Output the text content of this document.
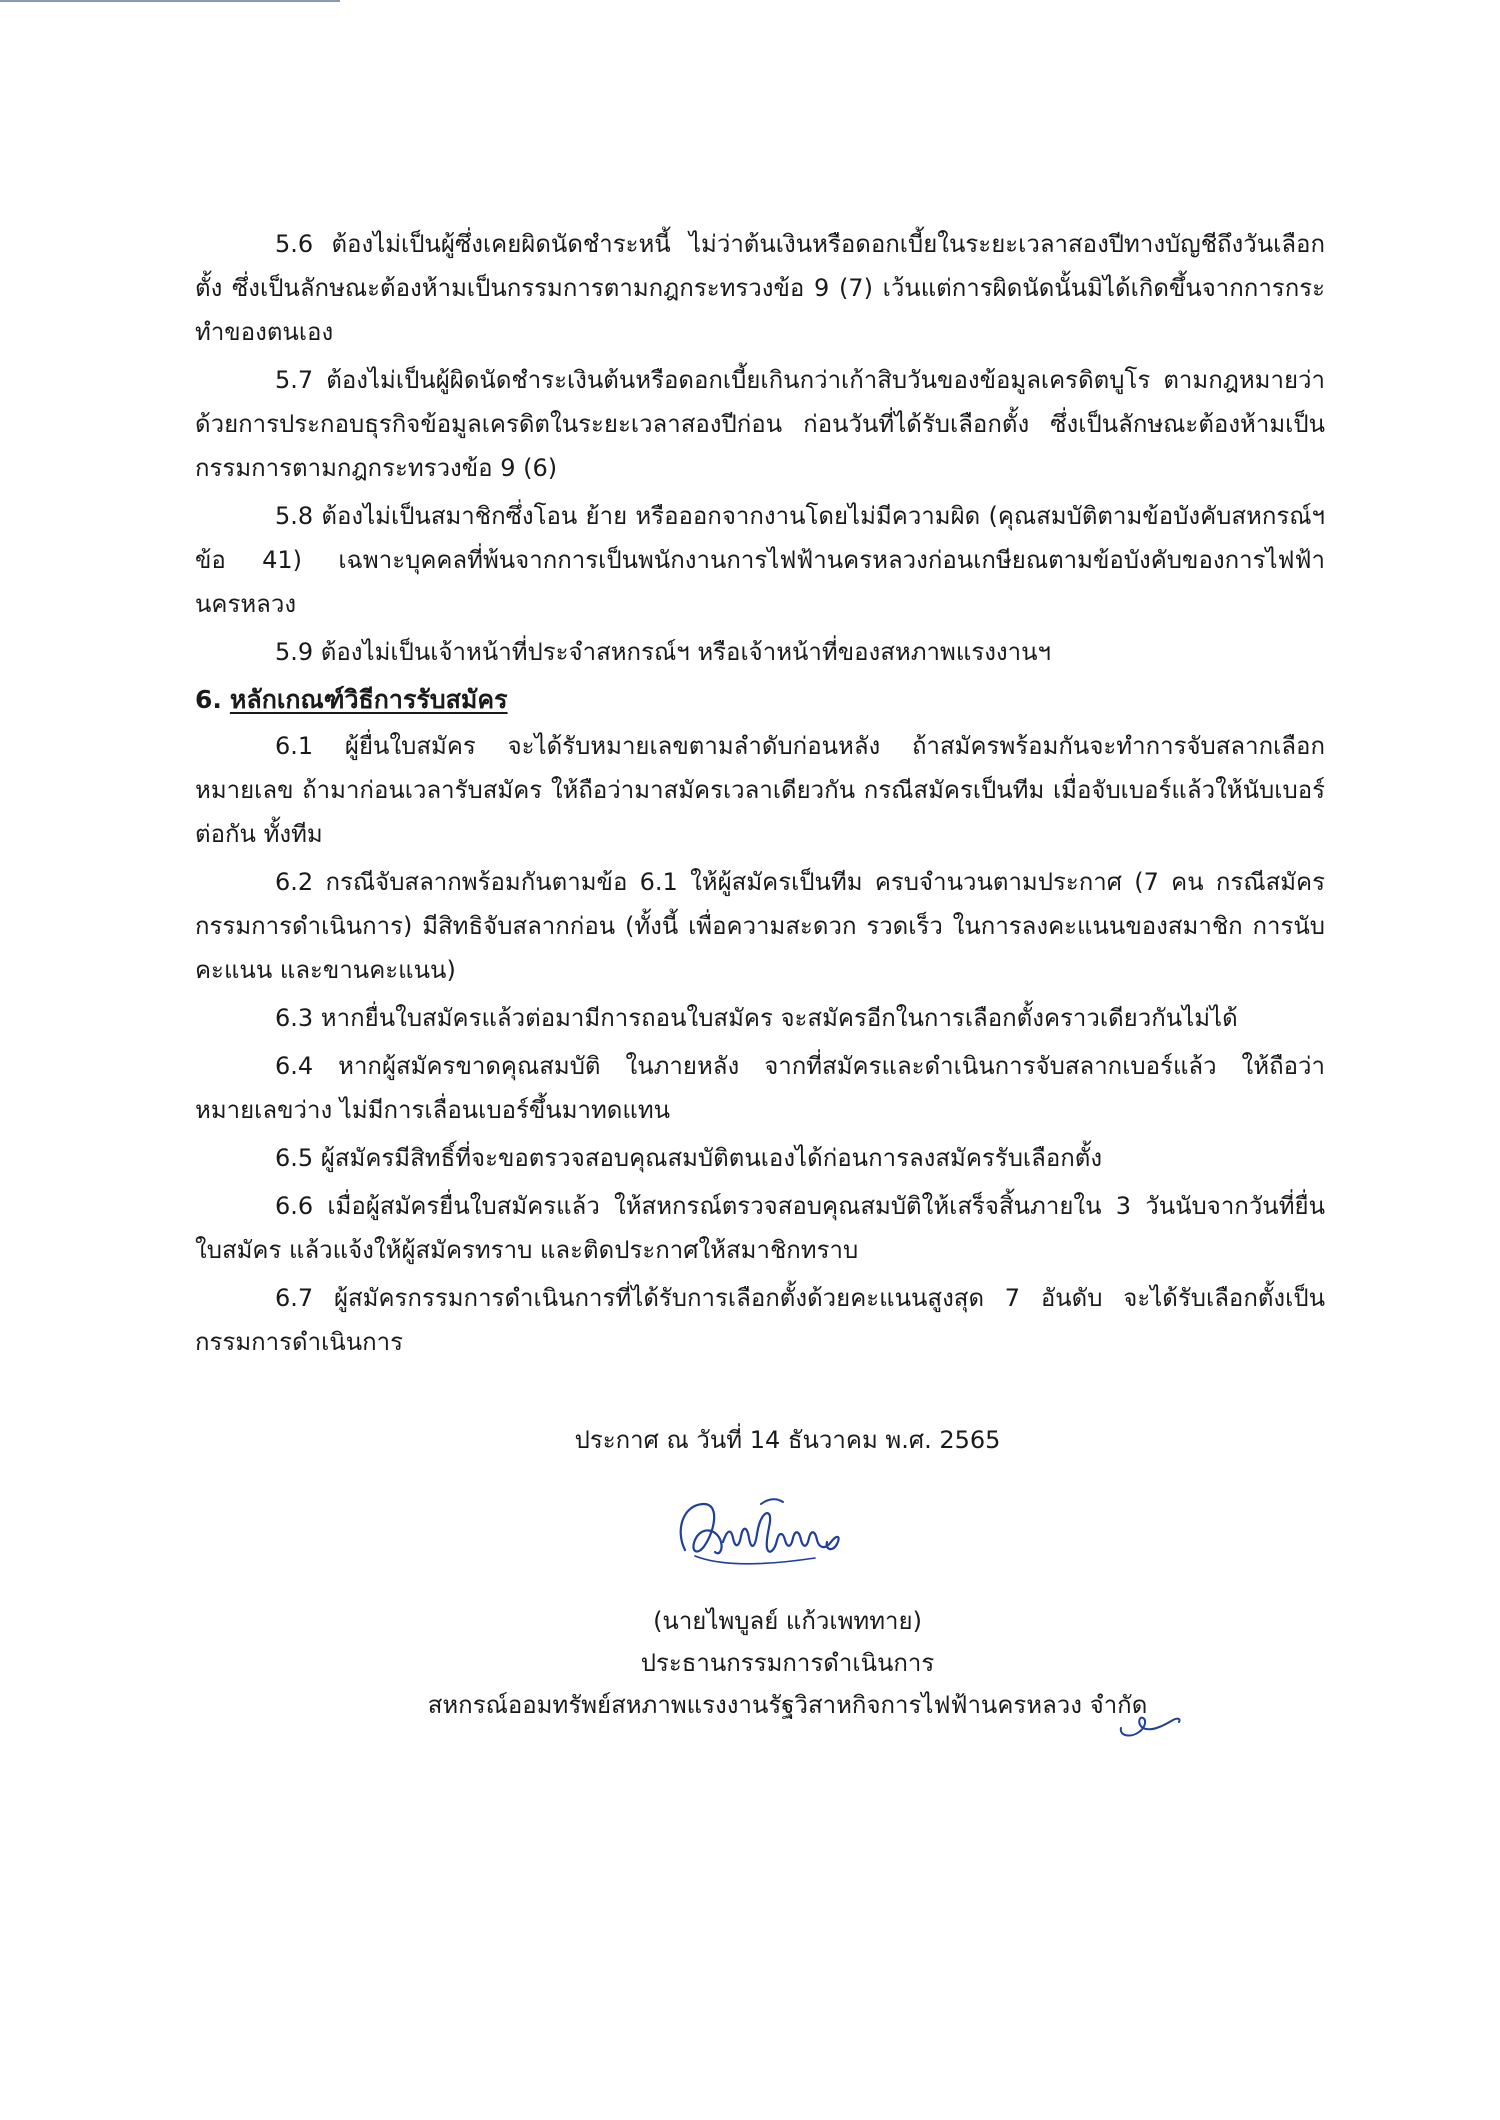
5.6 ต้องไม่เป็นผู้ซึ่งเคยผิดนัดชำระหนี้ ไม่ว่าต้นเงินหรือดอกเบี้ยในระยะเวลาสองปีทางบัญชีถึงวันเลือกตั้ง ซึ่งเป็นลักษณะต้องห้ามเป็นกรรมการตามกฎกระทรวงข้อ 9 (7) เว้นแต่การผิดนัดนั้นมิได้เกิดขึ้นจากการกระทำของตนเอง

5.7 ต้องไม่เป็นผู้ผิดนัดชำระเงินต้นหรือดอกเบี้ยเกินกว่าเก้าสิบวันของข้อมูลเครดิตบูโร ตามกฎหมายว่าด้วยการประกอบธุรกิจข้อมูลเครดิตในระยะเวลาสองปีก่อน ก่อนวันที่ได้รับเลือกตั้ง ซึ่งเป็นลักษณะต้องห้ามเป็นกรรมการตามกฎกระทรวงข้อ 9 (6)

5.8 ต้องไม่เป็นสมาชิกซึ่งโอน ย้าย หรือออกจากงานโดยไม่มีความผิด (คุณสมบัติตามข้อบังคับสหกรณ์ฯ ข้อ 41) เฉพาะบุคคลที่พ้นจากการเป็นพนักงานการไฟฟ้านครหลวงก่อนเกษียณตามข้อบังคับของการไฟฟ้านครหลวง

5.9 ต้องไม่เป็นเจ้าหน้าที่ประจำสหกรณ์ฯ หรือเจ้าหน้าที่ของสหภาพแรงงานฯ

6. หลักเกณฑ์วิธีการรับสมัคร

6.1 ผู้ยื่นใบสมัคร จะได้รับหมายเลขตามลำดับก่อนหลัง ถ้าสมัครพร้อมกันจะทำการจับสลากเลือกหมายเลข ถ้ามาก่อนเวลารับสมัคร ให้ถือว่ามาสมัครเวลาเดียวกัน กรณีสมัครเป็นทีม เมื่อจับเบอร์แล้วให้นับเบอร์ต่อกัน ทั้งทีม

6.2 กรณีจับสลากพร้อมกันตามข้อ 6.1 ให้ผู้สมัครเป็นทีม ครบจำนวนตามประกาศ (7 คน กรณีสมัครกรรมการดำเนินการ) มีสิทธิจับสลากก่อน (ทั้งนี้ เพื่อความสะดวก รวดเร็ว ในการลงคะแนนของสมาชิก การนับคะแนน และขานคะแนน)

6.3 หากยื่นใบสมัครแล้วต่อมามีการถอนใบสมัคร จะสมัครอีกในการเลือกตั้งคราวเดียวกันไม่ได้

6.4 หากผู้สมัครขาดคุณสมบัติ ในภายหลัง จากที่สมัครและดำเนินการจับสลากเบอร์แล้ว ให้ถือว่าหมายเลขว่าง ไม่มีการเลื่อนเบอร์ขึ้นมาทดแทน

6.5 ผู้สมัครมีสิทธิ์ที่จะขอตรวจสอบคุณสมบัติตนเองได้ก่อนการลงสมัครรับเลือกตั้ง

6.6 เมื่อผู้สมัครยื่นใบสมัครแล้ว ให้สหกรณ์ตรวจสอบคุณสมบัติให้เสร็จสิ้นภายใน 3 วันนับจากวันที่ยื่นใบสมัคร แล้วแจ้งให้ผู้สมัครทราบ และติดประกาศให้สมาชิกทราบ

6.7 ผู้สมัครกรรมการดำเนินการที่ได้รับการเลือกตั้งด้วยคะแนนสูงสุด 7 อันดับ จะได้รับเลือกตั้งเป็นกรรมการดำเนินการ

ประกาศ ณ วันที่ 14 ธันวาคม พ.ศ. 2565
(นายไพบูลย์ แก้วเพททาย)
ประธานกรรมการดำเนินการ
สหกรณ์ออมทรัพย์สหภาพแรงงานรัฐวิสาหกิจการไฟฟ้านครหลวง จำกัด
